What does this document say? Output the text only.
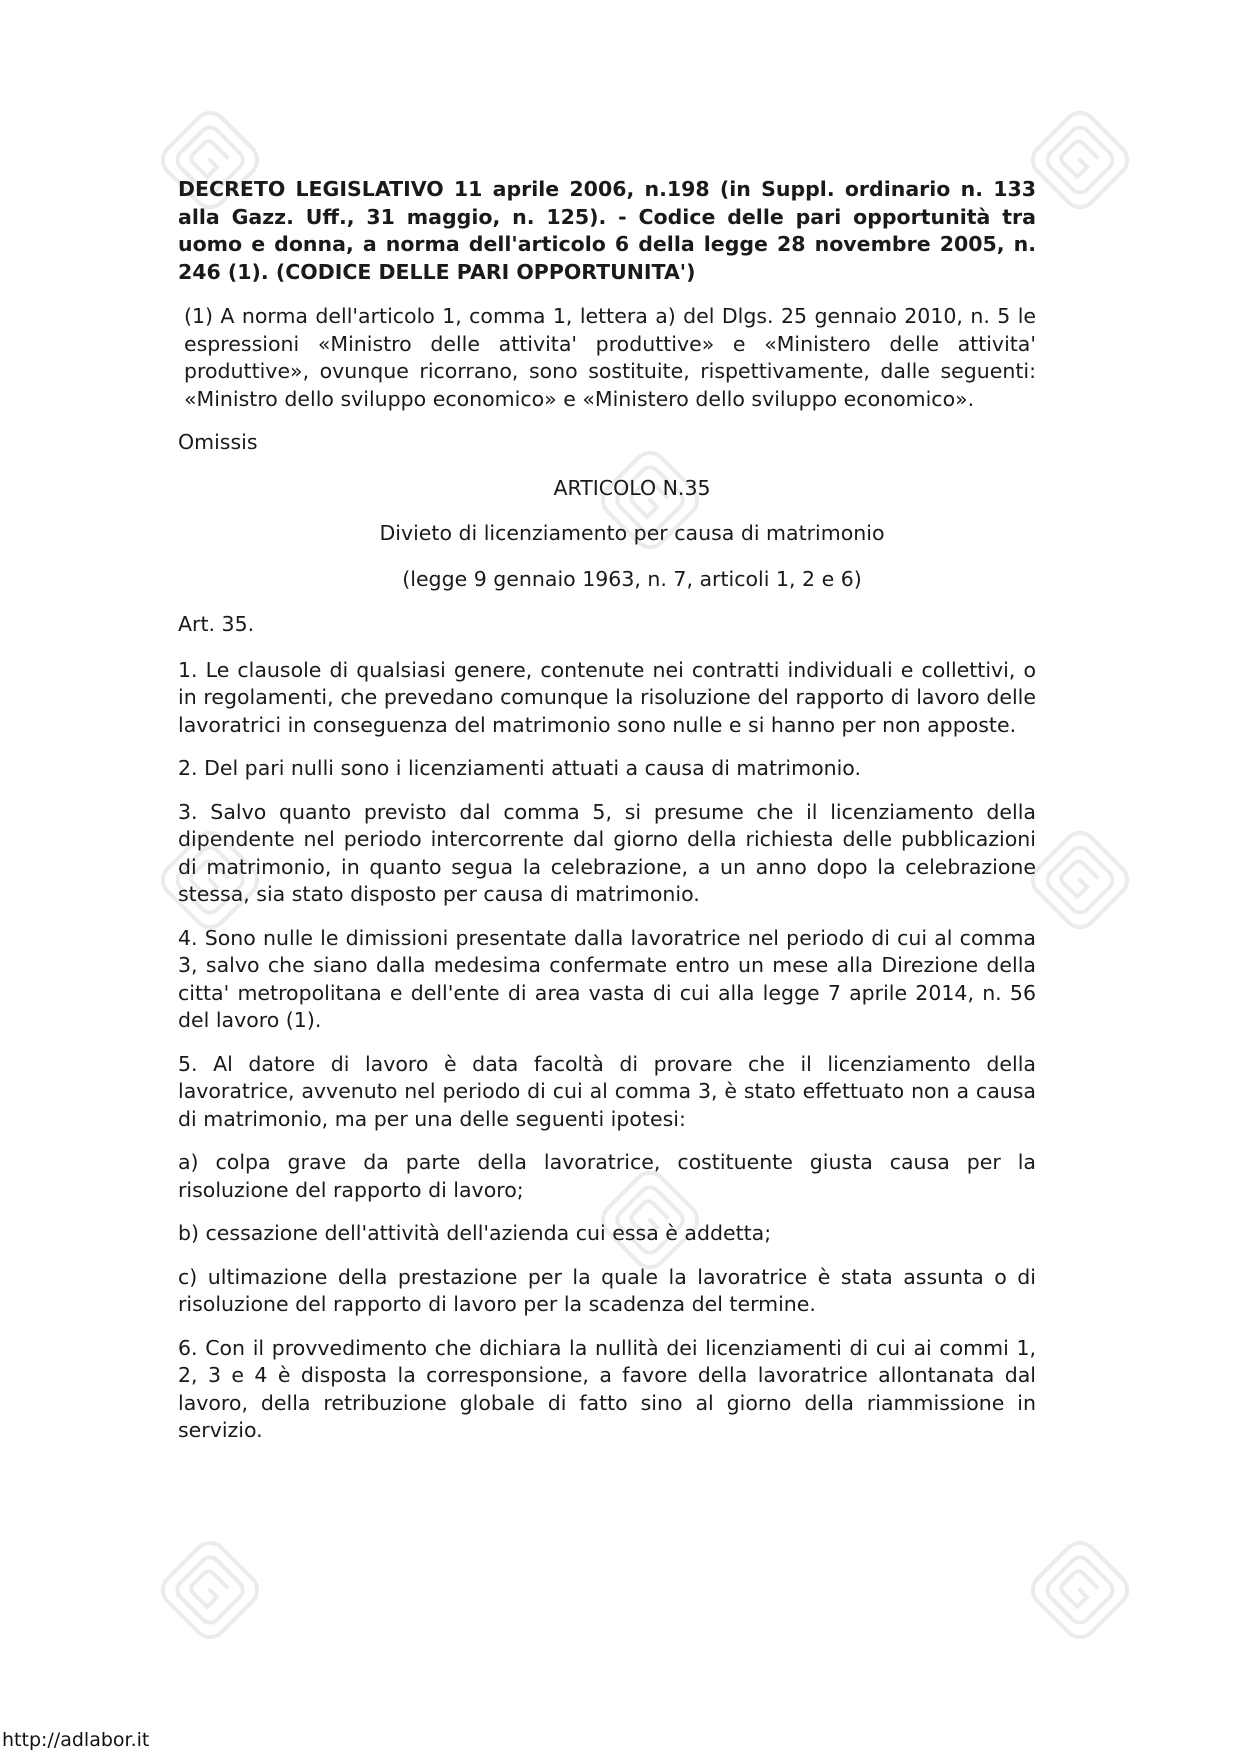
DECRETO LEGISLATIVO 11 aprile 2006, n.198 (in Suppl. ordinario n. 133 alla Gazz. Uff., 31 maggio, n. 125). - Codice delle pari opportunità tra uomo e donna, a norma dell'articolo 6 della legge 28 novembre 2005, n. 246 (1). (CODICE DELLE PARI OPPORTUNITA')

(1) A norma dell'articolo 1, comma 1, lettera a) del Dlgs. 25 gennaio 2010, n. 5 le espressioni «Ministro delle attivita' produttive» e «Ministero delle attivita' produttive», ovunque ricorrano, sono sostituite, rispettivamente, dalle seguenti: «Ministro dello sviluppo economico» e «Ministero dello sviluppo economico».

Omissis

ARTICOLO N.35

Divieto di licenziamento per causa di matrimonio

(legge 9 gennaio 1963, n. 7, articoli 1, 2 e 6)

Art. 35.

1. Le clausole di qualsiasi genere, contenute nei contratti individuali e collettivi, o in regolamenti, che prevedano comunque la risoluzione del rapporto di lavoro delle lavoratrici in conseguenza del matrimonio sono nulle e si hanno per non apposte.

2. Del pari nulli sono i licenziamenti attuati a causa di matrimonio.

3. Salvo quanto previsto dal comma 5, si presume che il licenziamento della dipendente nel periodo intercorrente dal giorno della richiesta delle pubblicazioni di matrimonio, in quanto segua la celebrazione, a un anno dopo la celebrazione stessa, sia stato disposto per causa di matrimonio.

4. Sono nulle le dimissioni presentate dalla lavoratrice nel periodo di cui al comma 3, salvo che siano dalla medesima confermate entro un mese alla Direzione della citta' metropolitana e dell'ente di area vasta di cui alla legge 7 aprile 2014, n. 56 del lavoro (1).

5. Al datore di lavoro è data facoltà di provare che il licenziamento della lavoratrice, avvenuto nel periodo di cui al comma 3, è stato effettuato non a causa di matrimonio, ma per una delle seguenti ipotesi:

a) colpa grave da parte della lavoratrice, costituente giusta causa per la risoluzione del rapporto di lavoro;

b) cessazione dell'attività dell'azienda cui essa è addetta;

c) ultimazione della prestazione per la quale la lavoratrice è stata assunta o di risoluzione del rapporto di lavoro per la scadenza del termine.

6. Con il provvedimento che dichiara la nullità dei licenziamenti di cui ai commi 1, 2, 3 e 4 è disposta la corresponsione, a favore della lavoratrice allontanata dal lavoro, della retribuzione globale di fatto sino al giorno della riammissione in servizio.

http://adlabor.it
